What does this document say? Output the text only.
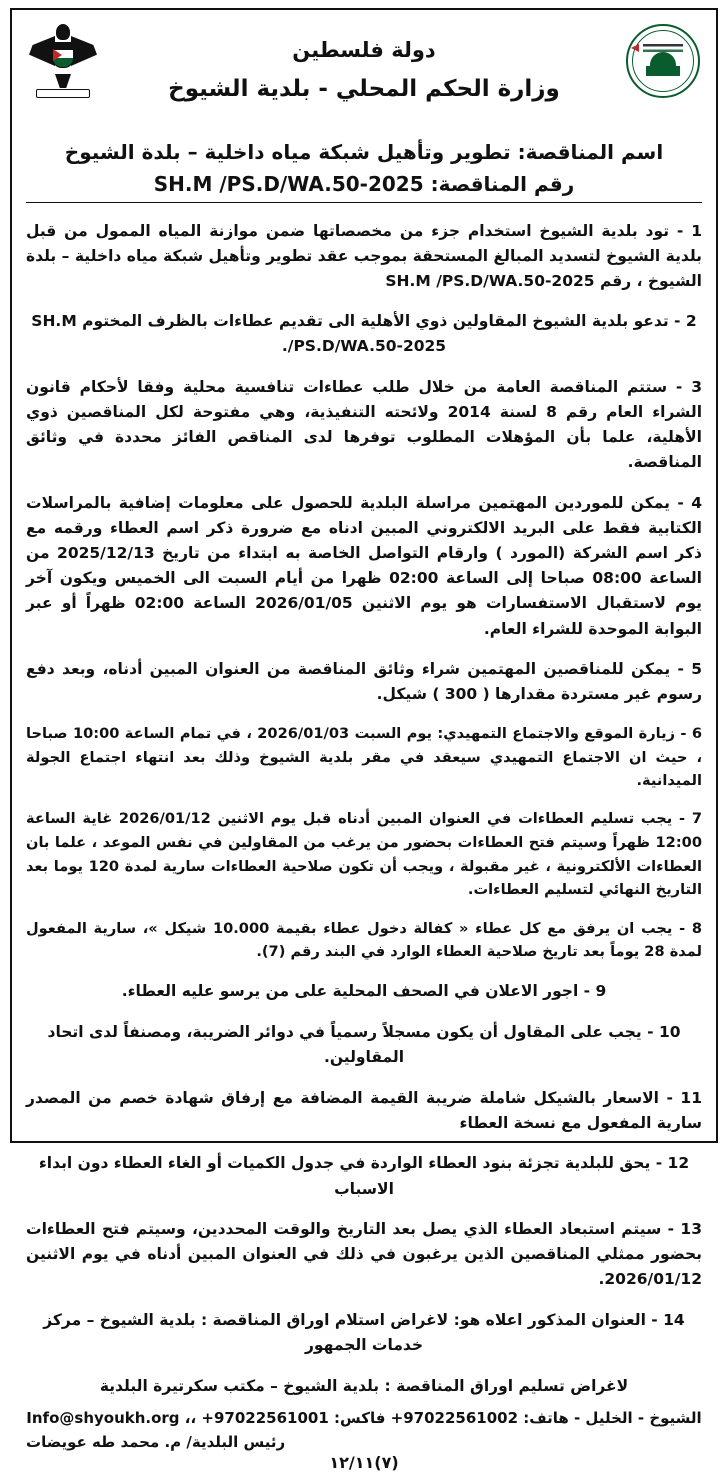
دولة فلسطين
وزارة الحكم المحلي - بلدية الشيوخ
اسم المناقصة: تطوير وتأهيل شبكة مياه داخلية – بلدة الشيوخ
رقم المناقصة: SH.M /PS.D/WA.50-2025

1 - تود بلدية الشيوخ استخدام جزء من مخصصاتها ضمن موازنة المياه الممول من قبل بلدية الشيوخ لتسديد المبالغ المستحقة بموجب عقد تطوير وتأهيل شبكة مياه داخلية – بلدة الشيوخ ، رقم SH.M /PS.D/WA.50-2025

2 - تدعو بلدية الشيوخ المقاولين ذوي الأهلية الى تقديم عطاءات بالظرف المختوم SH.M /PS.D/WA.50-2025.

3 - ستتم المناقصة العامة من خلال طلب عطاءات تنافسية محلية وفقا لأحكام قانون الشراء العام رقم 8 لسنة 2014 ولائحته التنفيذية، وهي مفتوحة لكل المناقصين ذوي الأهلية، علما بأن المؤهلات المطلوب توفرها لدى المناقص الفائز محددة في وثائق المناقصة.

4 - يمكن للموردين المهتمين مراسلة البلدية للحصول على معلومات إضافية بالمراسلات الكتابية فقط على البريد الالكتروني المبين ادناه مع ضرورة ذكر اسم العطاء ورقمه مع ذكر اسم الشركة (المورد ) وارقام التواصل الخاصة به ابتداء من تاريخ 2025/12/13 من الساعة 08:00 صباحا إلى الساعة 02:00 ظهرا من أيام السبت الى الخميس ويكون آخر يوم لاستقبال الاستفسارات هو يوم الاثنين 2026/01/05 الساعة 02:00 ظهراً أو عبر البوابة الموحدة للشراء العام.

5 - يمكن للمناقصين المهتمين شراء وثائق المناقصة من العنوان المبين أدناه، وبعد دفع رسوم غير مستردة مقدارها ( 300 ) شيكل.

6 - زيارة الموقع والاجتماع التمهيدي: يوم السبت 2026/01/03 ، في تمام الساعة 10:00 صباحا ، حيث ان الاجتماع التمهيدي سيعقد في مقر بلدية الشيوخ وذلك بعد انتهاء اجتماع الجولة الميدانية.

7 - يجب تسليم العطاءات في العنوان المبين أدناه قبل يوم الاثنين 2026/01/12 غاية الساعة 12:00 ظهراً وسيتم فتح العطاءات بحضور من يرغب من المقاولين في نفس الموعد ، علما بان العطاءات الألكترونية ، غير مقبولة ، ويجب أن تكون صلاحية العطاءات سارية لمدة 120 يوما بعد التاريخ النهائي لتسليم العطاءات.

8 - يجب ان يرفق مع كل عطاء « كفالة دخول عطاء بقيمة 10.000 شيكل »، سارية المفعول لمدة 28 يوماً بعد تاريخ صلاحية العطاء الوارد في البند رقم (7).

9 - اجور الاعلان في الصحف المحلية على من يرسو عليه العطاء.

10 - يجب على المقاول أن يكون مسجلاً رسمياً في دوائر الضريبة، ومصنفاً لدى اتحاد المقاولين.

11 - الاسعار بالشيكل شاملة ضريبة القيمة المضافة مع إرفاق شهادة خصم من المصدر سارية المفعول مع نسخة العطاء

12 - يحق للبلدية تجزئة بنود العطاء الواردة في جدول الكميات أو الغاء العطاء دون ابداء الاسباب

13 - سيتم استبعاد العطاء الذي يصل بعد التاريخ والوقت المحددين، وسيتم فتح العطاءات بحضور ممثلي المناقصين الذين يرغبون في ذلك في العنوان المبين أدناه في يوم الاثنين 2026/01/12.

14 - العنوان المذكور اعلاه هو: لاغراض استلام اوراق المناقصة : بلدية الشيوخ – مركز خدمات الجمهور

لاغراض تسليم اوراق المناقصة : بلدية الشيوخ – مكتب سكرتيرة البلدية

الشيوخ - الخليل - هاتف: 97022561002+ فاكس: 97022561001+ ،، Info@shyoukh.org

رئيس البلدية/ م. محمد طه عويضات
(٧)١٢/١١
